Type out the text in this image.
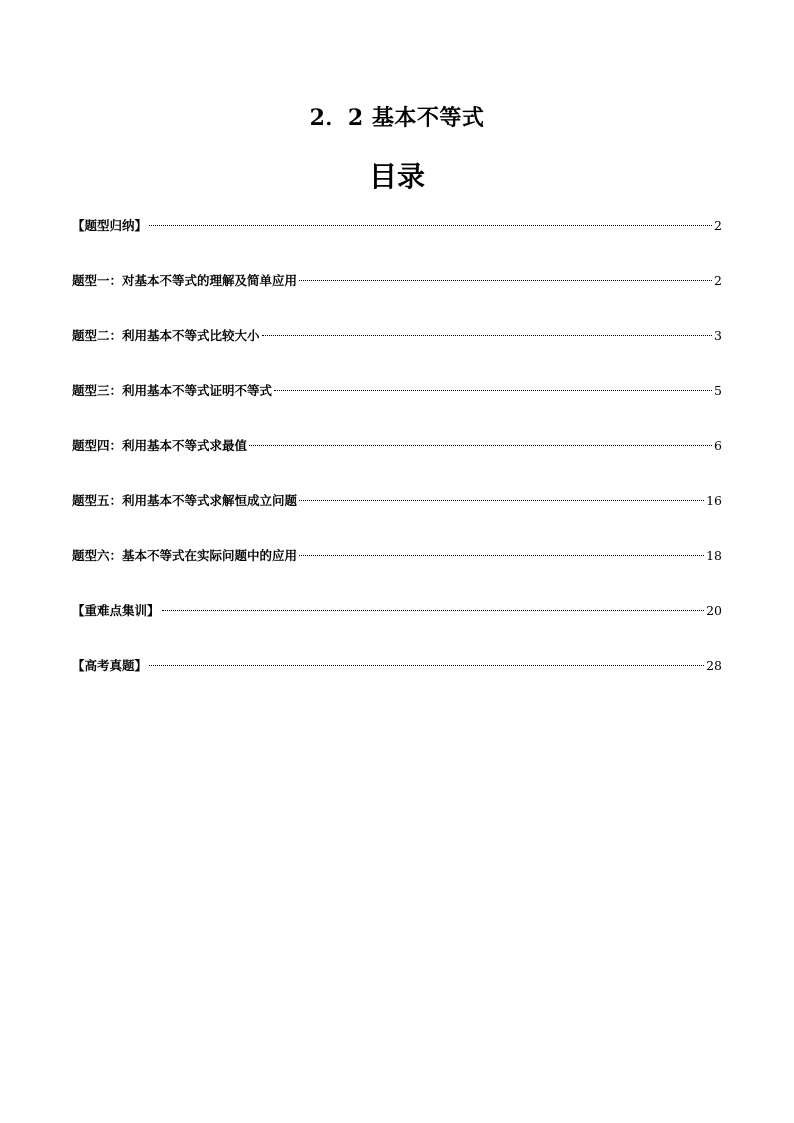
2．2 基本不等式
目录
【题型归纳】	2
题型一：对基本不等式的理解及简单应用	2
题型二：利用基本不等式比较大小	3
题型三：利用基本不等式证明不等式	5
题型四：利用基本不等式求最值	6
题型五：利用基本不等式求解恒成立问题	16
题型六：基本不等式在实际问题中的应用	18
【重难点集训】	20
【高考真题】	28
